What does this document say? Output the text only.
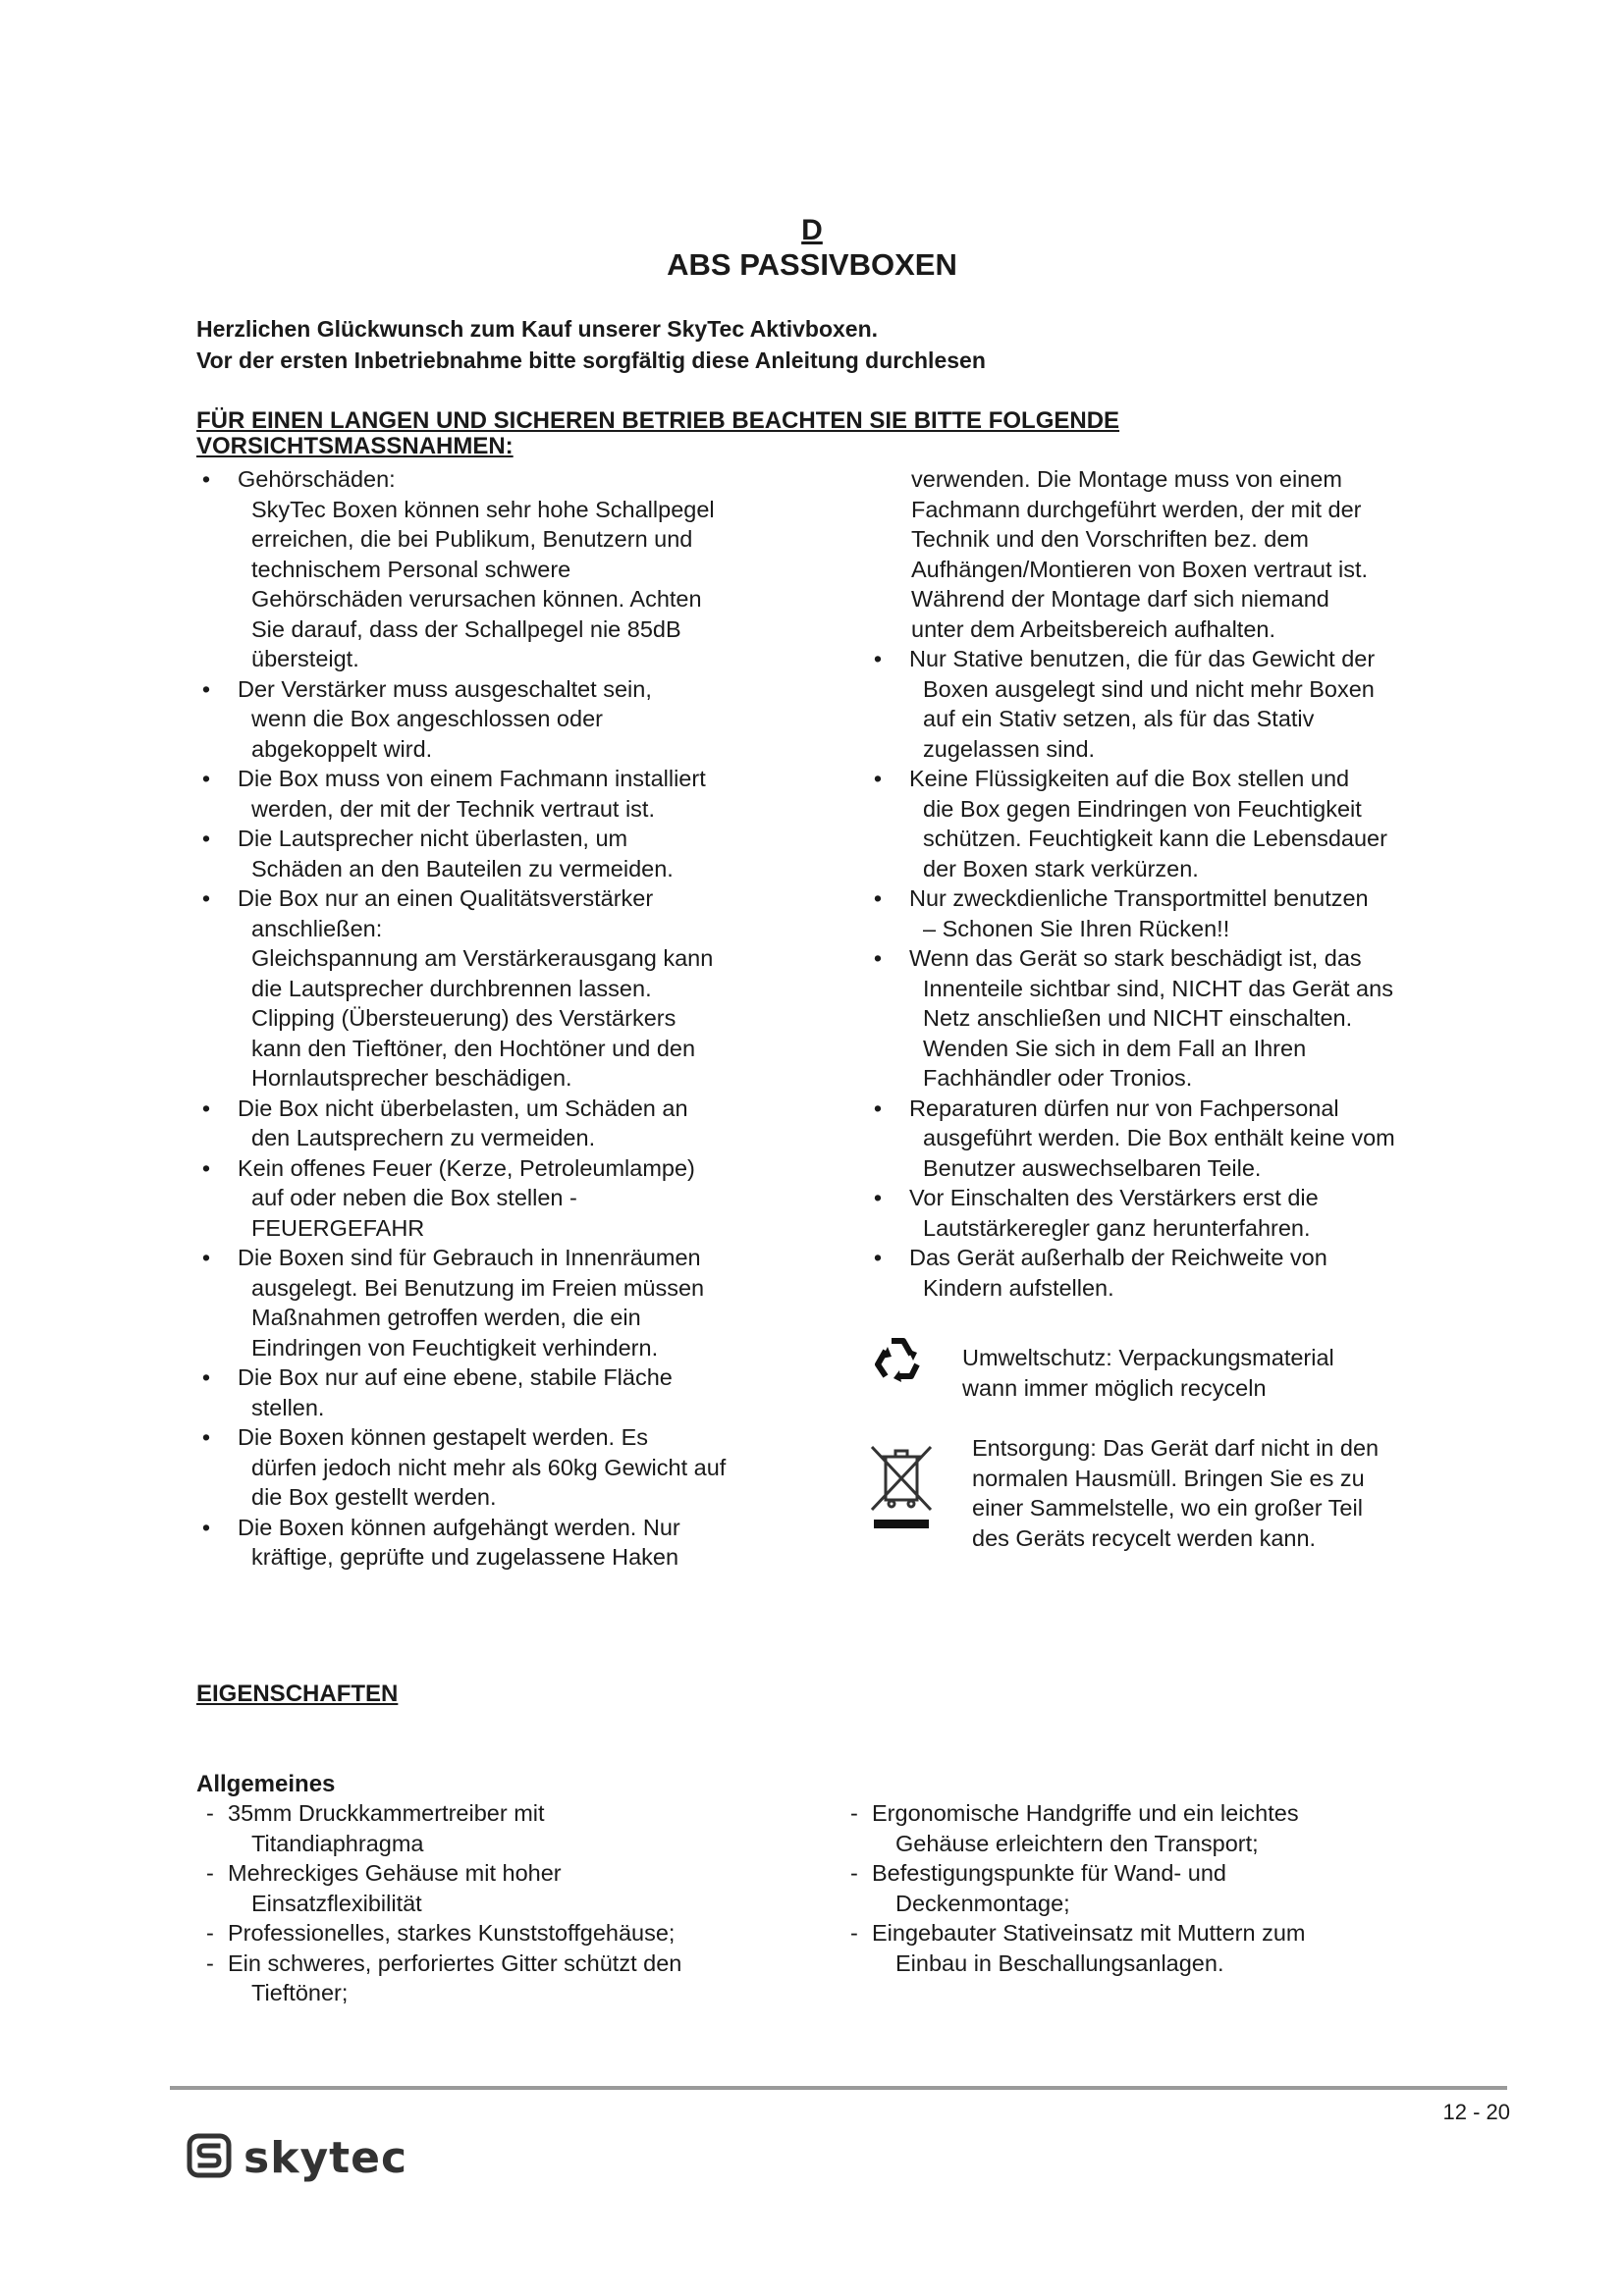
D
ABS PASSIVBOXEN
Herzlichen Glückwunsch zum Kauf unserer SkyTec Aktivboxen.
Vor der ersten Inbetriebnahme bitte sorgfältig diese Anleitung durchlesen
FÜR EINEN LANGEN UND SICHEREN BETRIEB BEACHTEN SIE BITTE FOLGENDE
VORSICHTSMASSNAHMEN:
•	Gehörschäden:
SkyTec Boxen können sehr hohe Schallpegel
erreichen, die bei Publikum, Benutzern und
technischem Personal schwere
Gehörschäden verursachen können. Achten
Sie darauf, dass der Schallpegel nie 85dB
übersteigt.
•	Der Verstärker muss ausgeschaltet sein,
wenn die Box angeschlossen oder
abgekoppelt wird.
•	Die Box muss von einem Fachmann installiert
werden, der mit der Technik vertraut ist.
•	Die Lautsprecher nicht überlasten, um
Schäden an den Bauteilen zu vermeiden.
•	Die Box nur an einen Qualitätsverstärker
anschließen:
Gleichspannung am Verstärkerausgang kann
die Lautsprecher durchbrennen lassen.
Clipping (Übersteuerung) des Verstärkers
kann den Tieftöner, den Hochtöner und den
Hornlautsprecher beschädigen.
•	Die Box nicht überbelasten, um Schäden an
den Lautsprechern zu vermeiden.
•	Kein offenes Feuer (Kerze, Petroleumlampe)
auf oder neben die Box stellen -
FEUERGEFAHR
•	Die Boxen sind für Gebrauch in Innenräumen
ausgelegt. Bei Benutzung im Freien müssen
Maßnahmen getroffen werden, die ein
Eindringen von Feuchtigkeit verhindern.
•	Die Box nur auf eine ebene, stabile Fläche
stellen.
•	Die Boxen können gestapelt werden. Es
dürfen jedoch nicht mehr als 60kg Gewicht auf
die Box gestellt werden.
•	Die Boxen können aufgehängt werden. Nur
kräftige, geprüfte und zugelassene Haken
verwenden. Die Montage muss von einem
Fachmann durchgeführt werden, der mit der
Technik und den Vorschriften bez. dem
Aufhängen/Montieren von Boxen vertraut ist.
Während der Montage darf sich niemand
unter dem Arbeitsbereich aufhalten.
•	Nur Stative benutzen, die für das Gewicht der
Boxen ausgelegt sind und nicht mehr Boxen
auf ein Stativ setzen, als für das Stativ
zugelassen sind.
•	Keine Flüssigkeiten auf die Box stellen und
die Box gegen Eindringen von Feuchtigkeit
schützen. Feuchtigkeit kann die Lebensdauer
der Boxen stark verkürzen.
•	Nur zweckdienliche Transportmittel benutzen
– Schonen Sie Ihren Rücken!!
•	Wenn das Gerät so stark beschädigt ist, das
Innenteile sichtbar sind, NICHT das Gerät ans
Netz anschließen und NICHT einschalten.
Wenden Sie sich in dem Fall an Ihren
Fachhändler oder Tronios.
•	Reparaturen dürfen nur von Fachpersonal
ausgeführt werden. Die Box enthält keine vom
Benutzer auswechselbaren Teile.
•	Vor Einschalten des Verstärkers erst die
Lautstärkeregler ganz herunterfahren.
•	Das Gerät außerhalb der Reichweite von
Kindern aufstellen.
Umweltschutz: Verpackungsmaterial
wann immer möglich recyceln
Entsorgung: Das Gerät darf nicht in den
normalen Hausmüll. Bringen Sie es zu
einer Sammelstelle, wo ein großer Teil
des Geräts recycelt werden kann.
EIGENSCHAFTEN
Allgemeines
- 35mm Druckkammertreiber mit
Titandiaphragma
- Mehreckiges Gehäuse mit hoher
Einsatzflexibilität
- Professionelles, starkes Kunststoffgehäuse;
- Ein schweres, perforiertes Gitter schützt den
Tieftöner;
- Ergonomische Handgriffe und ein leichtes
Gehäuse erleichtern den Transport;
- Befestigungspunkte für Wand- und
Deckenmontage;
- Eingebauter Stativeinsatz mit Muttern zum
Einbau in Beschallungsanlagen.
12 - 20
skytec
